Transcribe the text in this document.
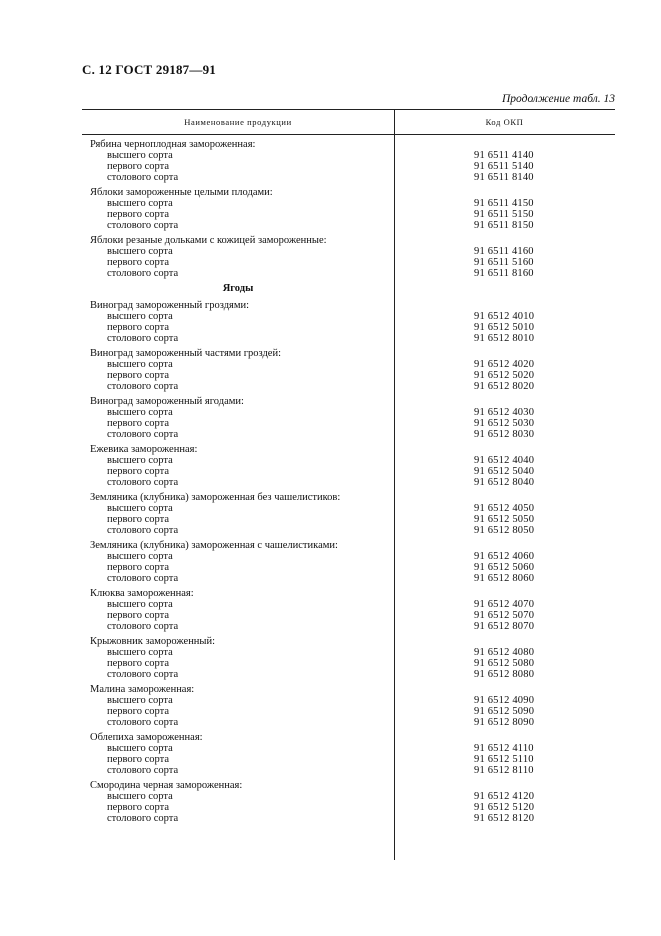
С. 12 ГОСТ 29187—91
Продолжение табл. 13
Наименование продукции	Код ОКП
Рябина черноплодная замороженная:
высшего сорта	91 6511 4140
первого сорта	91 6511 5140
столового сорта	91 6511 8140
Яблоки замороженные целыми плодами:
высшего сорта	91 6511 4150
первого сорта	91 6511 5150
столового сорта	91 6511 8150
Яблоки резаные дольками с кожицей замороженные:
высшего сорта	91 6511 4160
первого сорта	91 6511 5160
столового сорта	91 6511 8160
Ягоды
Виноград замороженный гроздями:
высшего сорта	91 6512 4010
первого сорта	91 6512 5010
столового сорта	91 6512 8010
Виноград замороженный частями гроздей:
высшего сорта	91 6512 4020
первого сорта	91 6512 5020
столового сорта	91 6512 8020
Виноград замороженный ягодами:
высшего сорта	91 6512 4030
первого сорта	91 6512 5030
столового сорта	91 6512 8030
Ежевика замороженная:
высшего сорта	91 6512 4040
первого сорта	91 6512 5040
столового сорта	91 6512 8040
Земляника (клубника) замороженная без чашелистиков:
высшего сорта	91 6512 4050
первого сорта	91 6512 5050
столового сорта	91 6512 8050
Земляника (клубника) замороженная с чашелистиками:
высшего сорта	91 6512 4060
первого сорта	91 6512 5060
столового сорта	91 6512 8060
Клюква замороженная:
высшего сорта	91 6512 4070
первого сорта	91 6512 5070
столового сорта	91 6512 8070
Крыжовник замороженный:
высшего сорта	91 6512 4080
первого сорта	91 6512 5080
столового сорта	91 6512 8080
Малина замороженная:
высшего сорта	91 6512 4090
первого сорта	91 6512 5090
столового сорта	91 6512 8090
Облепиха замороженная:
высшего сорта	91 6512 4110
первого сорта	91 6512 5110
столового сорта	91 6512 8110
Смородина черная замороженная:
высшего сорта	91 6512 4120
первого сорта	91 6512 5120
столового сорта	91 6512 8120
